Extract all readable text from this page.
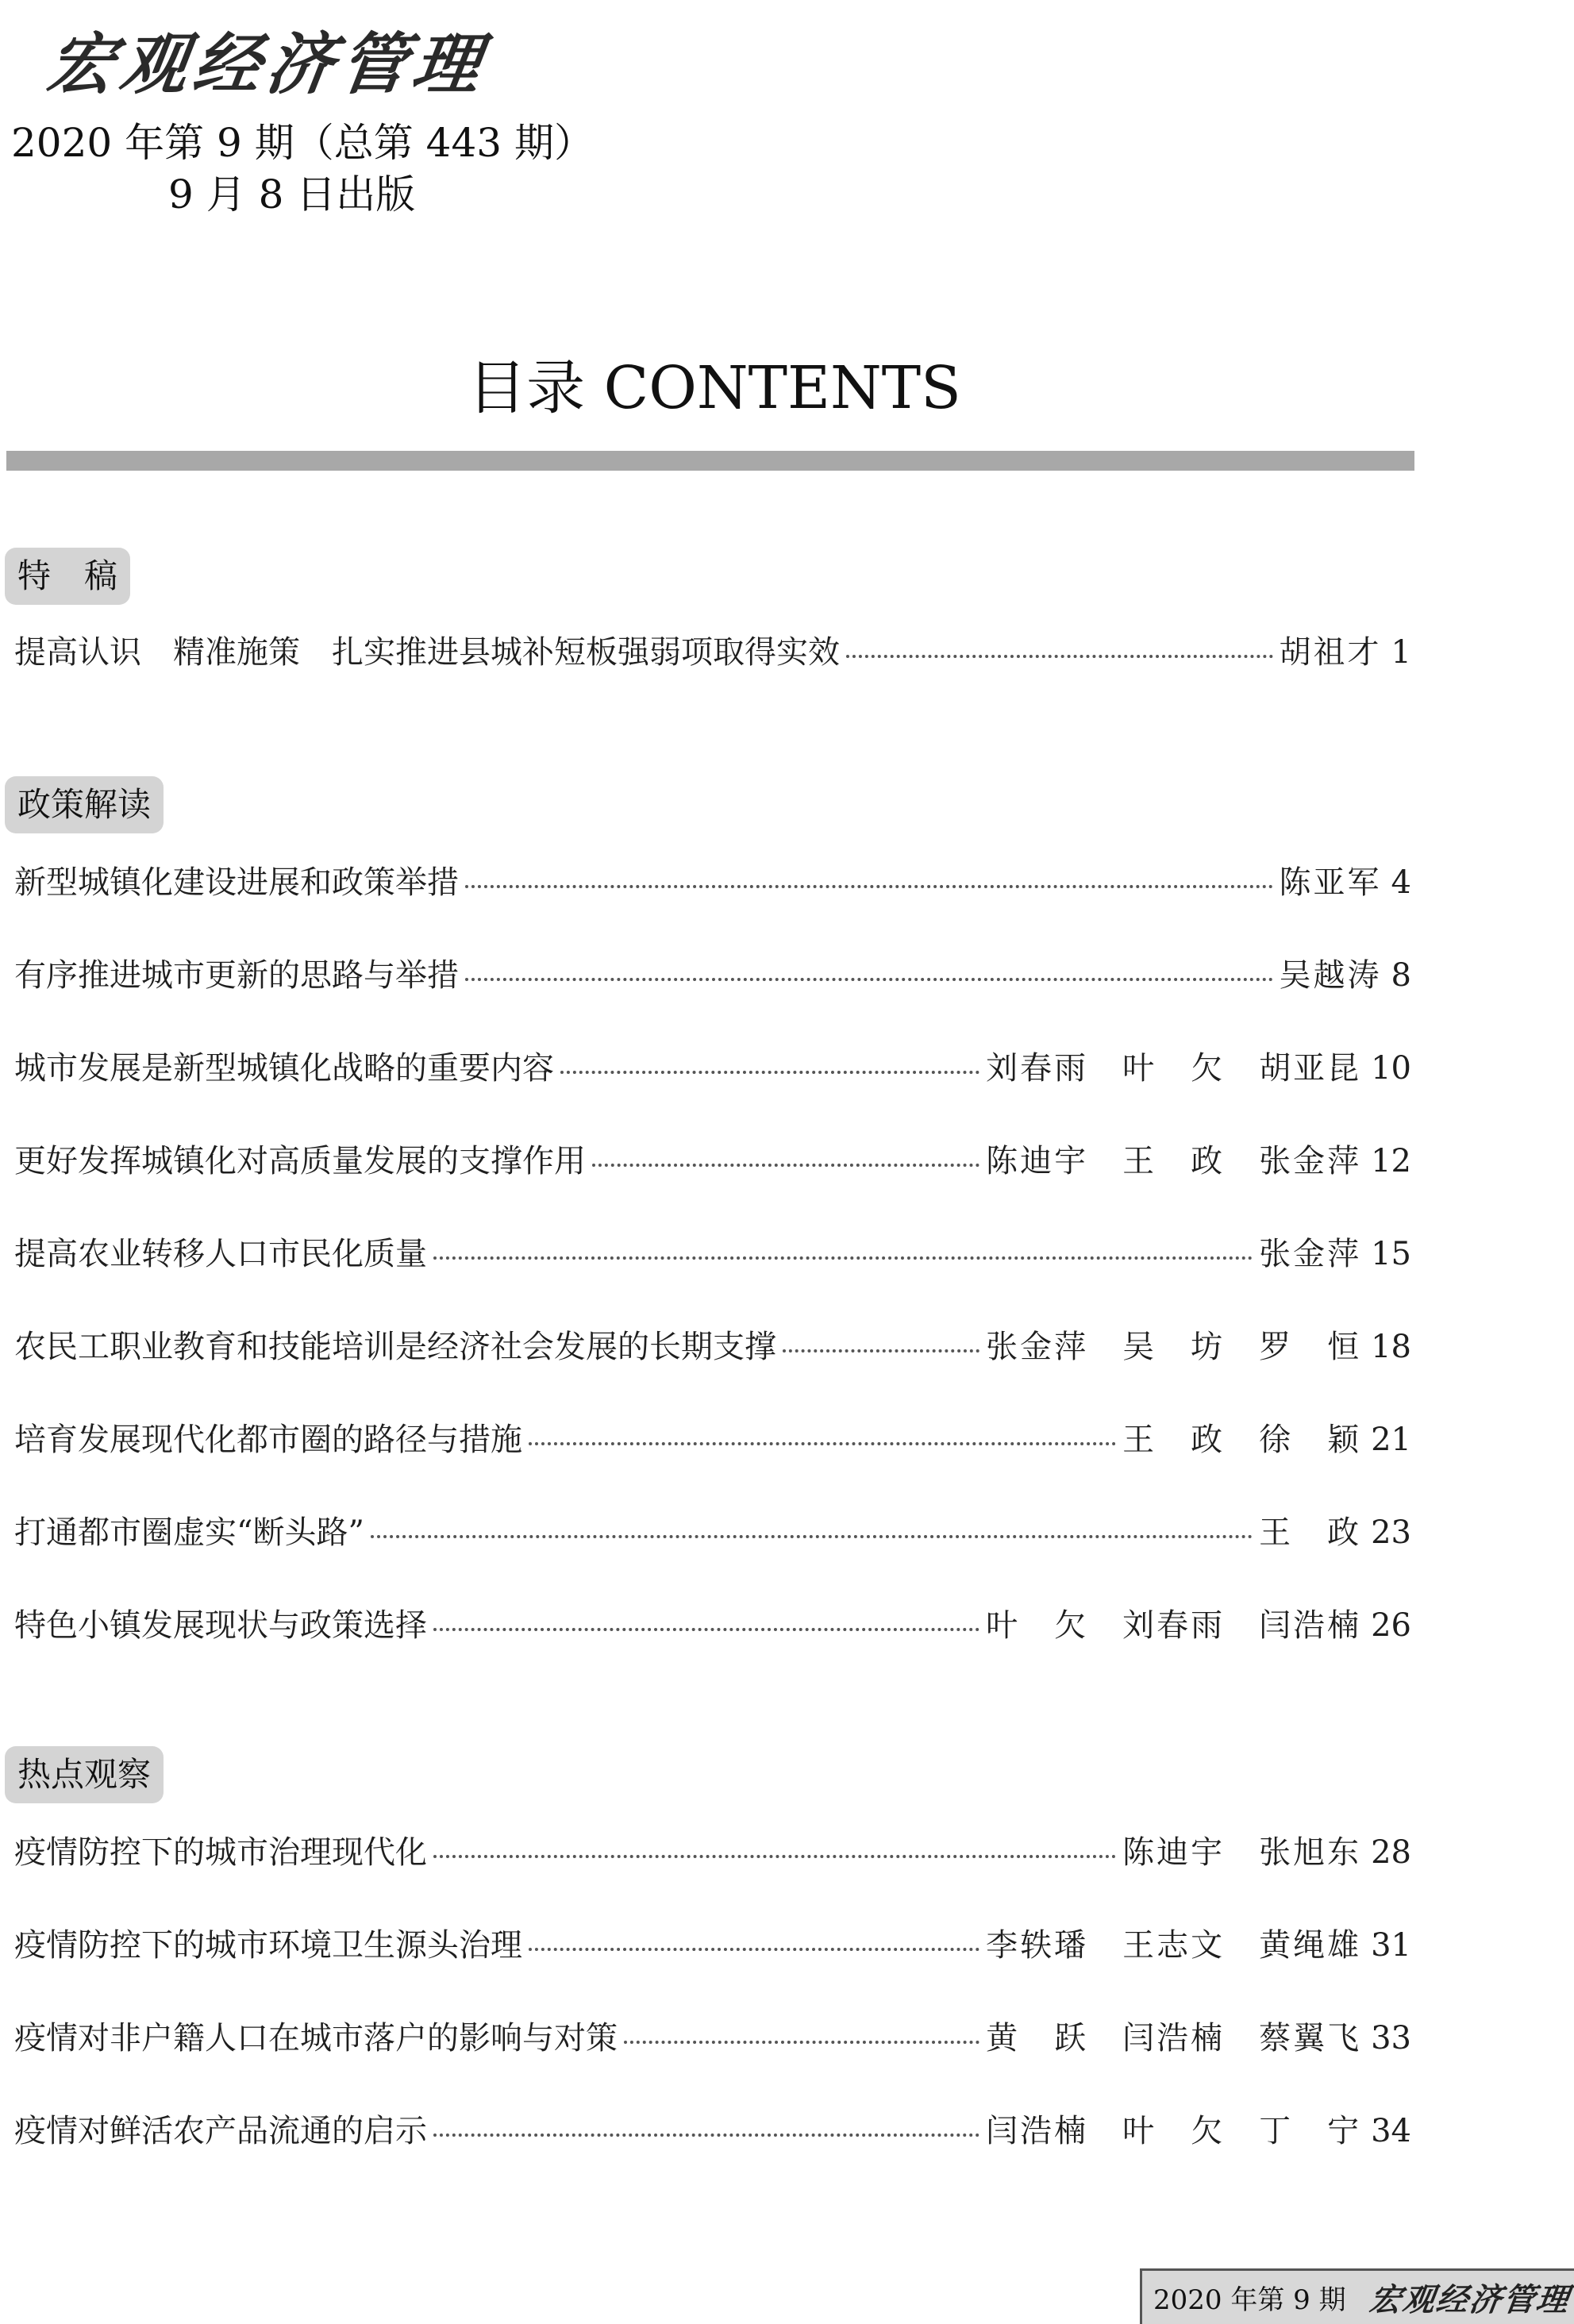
宏观经济管理
2020 年第 9 期（总第 443 期）
9 月 8 日出版
目录 CONTENTS
特　稿
提高认识　精准施策　扎实推进县城补短板强弱项取得实效	胡祖才 1
政策解读
新型城镇化建设进展和政策举措	陈亚军 4
有序推进城市更新的思路与举措	吴越涛 8
城市发展是新型城镇化战略的重要内容	刘春雨　叶　欠　胡亚昆 10
更好发挥城镇化对高质量发展的支撑作用	陈迪宇　王　政　张金萍 12
提高农业转移人口市民化质量	张金萍 15
农民工职业教育和技能培训是经济社会发展的长期支撑	张金萍　吴　坊　罗　恒 18
培育发展现代化都市圈的路径与措施	王　政　徐　颖 21
打通都市圈虚实“断头路”	王　政 23
特色小镇发展现状与政策选择	叶　欠　刘春雨　闫浩楠 26
热点观察
疫情防控下的城市治理现代化	陈迪宇　张旭东 28
疫情防控下的城市环境卫生源头治理	李轶璠　王志文　黄绳雄 31
疫情对非户籍人口在城市落户的影响与对策	黄　跃　闫浩楠　蔡翼飞 33
疫情对鲜活农产品流通的启示	闫浩楠　叶　欠　丁　宁 34
2020 年第 9 期 宏观经济管理
